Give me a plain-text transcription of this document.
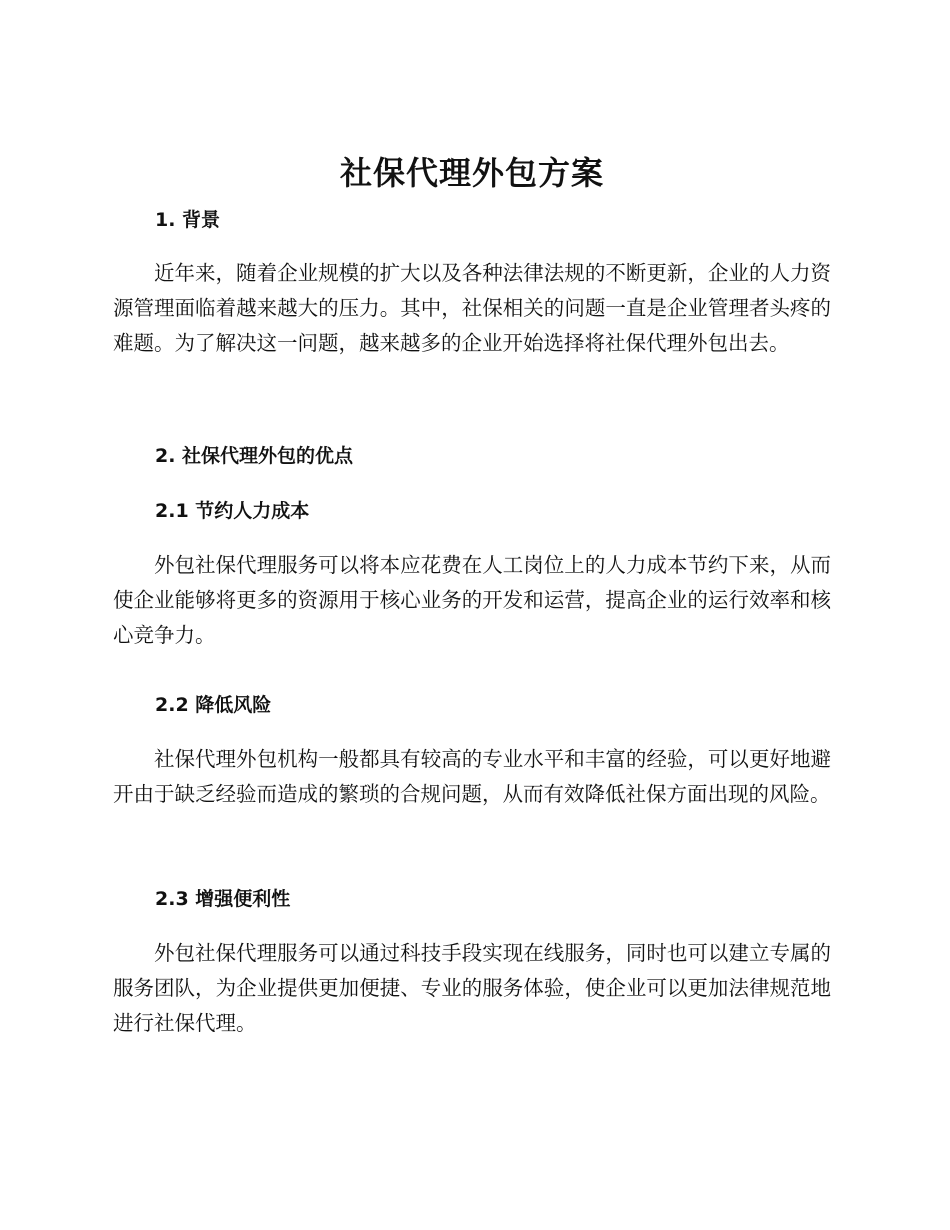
社保代理外包方案
1. 背景

近年来，随着企业规模的扩大以及各种法律法规的不断更新，企业的人力资源管理面临着越来越大的压力。其中，社保相关的问题一直是企业管理者头疼的难题。为了解决这一问题，越来越多的企业开始选择将社保代理外包出去。

2. 社保代理外包的优点
2.1 节约人力成本

外包社保代理服务可以将本应花费在人工岗位上的人力成本节约下来，从而使企业能够将更多的资源用于核心业务的开发和运营，提高企业的运行效率和核心竞争力。

2.2 降低风险

社保代理外包机构一般都具有较高的专业水平和丰富的经验，可以更好地避开由于缺乏经验而造成的繁琐的合规问题，从而有效降低社保方面出现的风险。

2.3 增强便利性

外包社保代理服务可以通过科技手段实现在线服务，同时也可以建立专属的服务团队，为企业提供更加便捷、专业的服务体验，使企业可以更加法律规范地进行社保代理。
